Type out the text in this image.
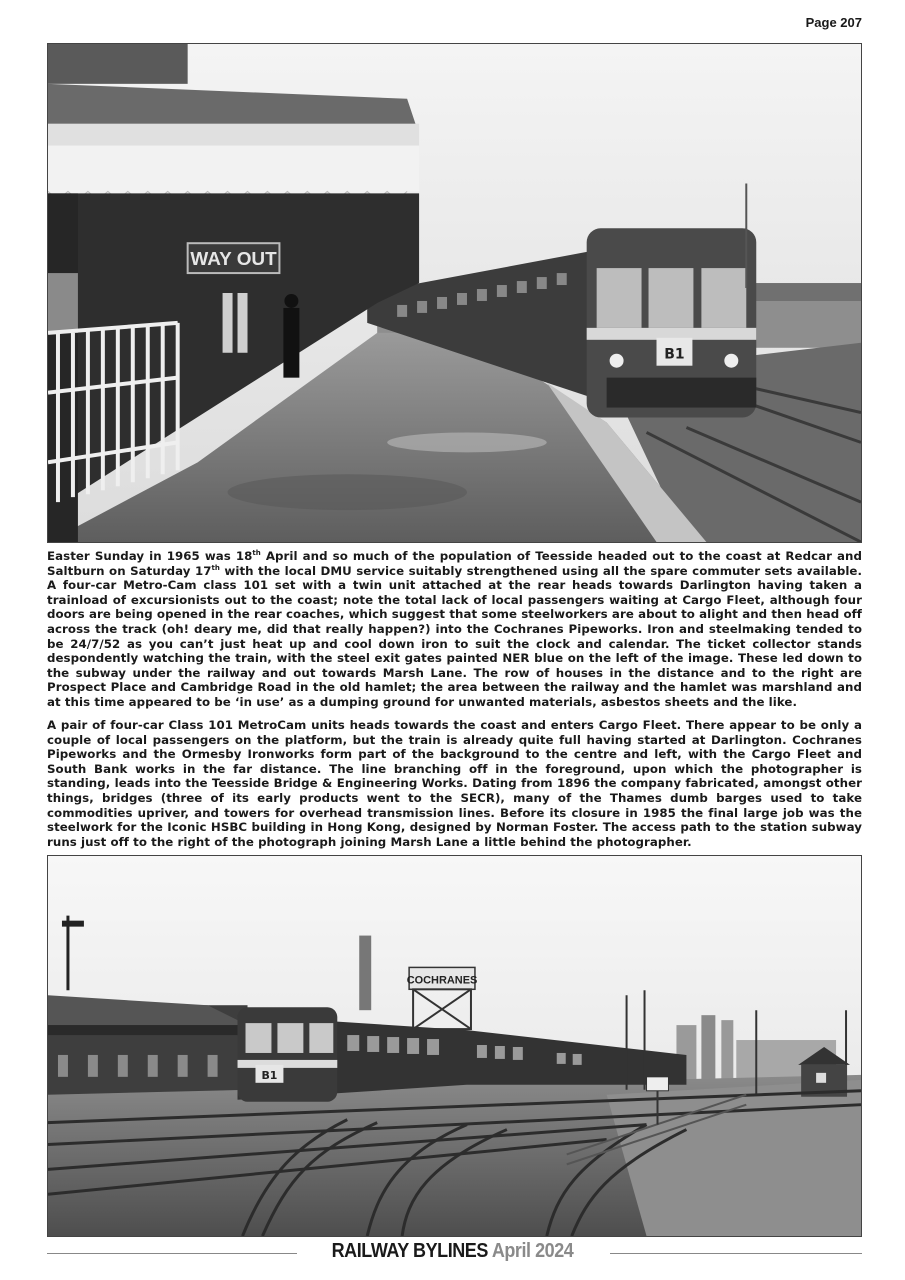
Page 207
B1
WAY OUT

Easter Sunday in 1965 was 18th April and so much of the population of Teesside headed out to the coast at Redcar and Saltburn on Saturday 17th with the local DMU service suitably strengthened using all the spare commuter sets available. A four-car Metro-Cam class 101 set with a twin unit attached at the rear heads towards Darlington having taken a trainload of excursionists out to the coast; note the total lack of local passengers waiting at Cargo Fleet, although four doors are being opened in the rear coaches, which suggest that some steelworkers are about to alight and then head off across the track (oh! deary me, did that really happen?) into the Cochranes Pipeworks. Iron and steelmaking tended to be 24/7/52 as you can’t just heat up and cool down iron to suit the clock and calendar. The ticket collector stands despondently watching the train, with the steel exit gates painted NER blue on the left of the image. These led down to the subway under the railway and out towards Marsh Lane. The row of houses in the distance and to the right are Prospect Place and Cambridge Road in the old hamlet; the area between the railway and the hamlet was marshland and at this time appeared to be ‘in use’ as a dumping ground for unwanted materials, asbestos sheets and the like.

A pair of four-car Class 101 MetroCam units heads towards the coast and enters Cargo Fleet. There appear to be only a couple of local passengers on the platform, but the train is already quite full having started at Darlington. Cochranes Pipeworks and the Ormesby Ironworks form part of the background to the centre and left, with the Cargo Fleet and South Bank works in the far distance. The line branching off in the foreground, upon which the photographer is standing, leads into the Teesside Bridge & Engineering Works. Dating from 1896 the company fabricated, amongst other things, bridges (three of its early products went to the SECR), many of the Thames dumb barges used to take commodities upriver, and towers for overhead transmission lines. Before its closure in 1985 the final large job was the steelwork for the Iconic HSBC building in Hong Kong, designed by Norman Foster. The access path to the station subway runs just off to the right of the photograph joining Marsh Lane a little behind the photographer.

COCHRANES
B1
RAILWAY BYLINES April 2024
